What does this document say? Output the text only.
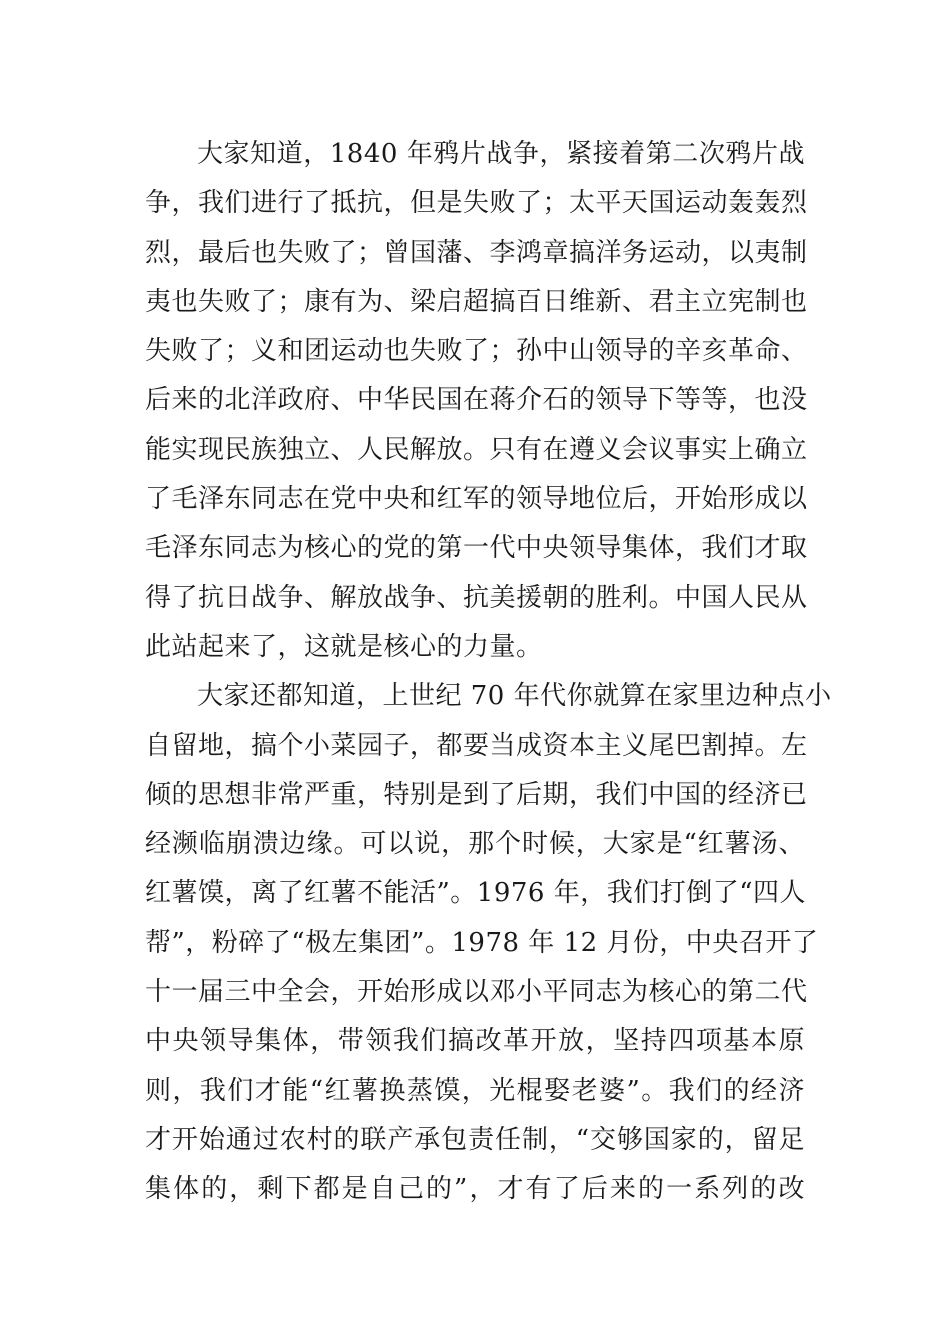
大家知道，1840 年鸦片战争，紧接着第二次鸦片战
争，我们进行了抵抗，但是失败了；太平天国运动轰轰烈
烈，最后也失败了；曾国藩、李鸿章搞洋务运动，以夷制
夷也失败了；康有为、梁启超搞百日维新、君主立宪制也
失败了；义和团运动也失败了；孙中山领导的辛亥革命、
后来的北洋政府、中华民国在蒋介石的领导下等等，也没
能实现民族独立、人民解放。只有在遵义会议事实上确立
了毛泽东同志在党中央和红军的领导地位后，开始形成以
毛泽东同志为核心的党的第一代中央领导集体，我们才取
得了抗日战争、解放战争、抗美援朝的胜利。中国人民从
此站起来了，这就是核心的力量。
大家还都知道，上世纪 70 年代你就算在家里边种点小
自留地，搞个小菜园子，都要当成资本主义尾巴割掉。左
倾的思想非常严重，特别是到了后期，我们中国的经济已
经濒临崩溃边缘。可以说，那个时候，大家是“红薯汤、
红薯馍，离了红薯不能活”。1976 年，我们打倒了“四人
帮”，粉碎了“极左集团”。1978 年 12 月份，中央召开了
十一届三中全会，开始形成以邓小平同志为核心的第二代
中央领导集体，带领我们搞改革开放，坚持四项基本原
则，我们才能“红薯换蒸馍，光棍娶老婆”。我们的经济
才开始通过农村的联产承包责任制，“交够国家的，留足
集体的，剩下都是自己的”，才有了后来的一系列的改
